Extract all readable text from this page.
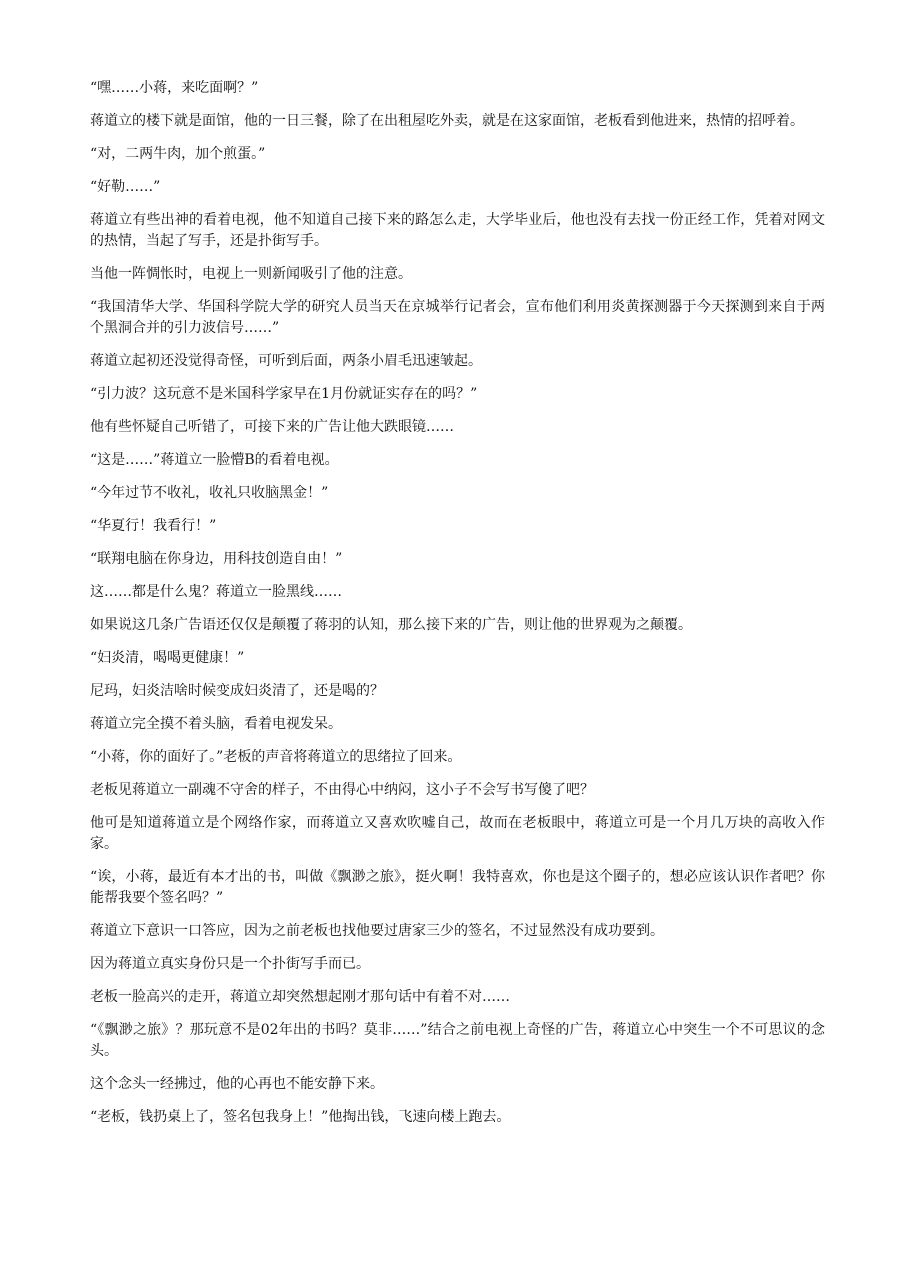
“嘿……小蒋，来吃面啊？”

蒋道立的楼下就是面馆，他的一日三餐，除了在出租屋吃外卖，就是在这家面馆，老板看到他进来，热情的招呼着。

“对，二两牛肉，加个煎蛋。”

“好勒……”

蒋道立有些出神的看着电视，他不知道自己接下来的路怎么走，大学毕业后，他也没有去找一份正经工作，凭着对网文的热情，当起了写手，还是扑街写手。

当他一阵惆怅时，电视上一则新闻吸引了他的注意。

“我国清华大学、华国科学院大学的研究人员当天在京城举行记者会，宣布他们利用炎黄探测器于今天探测到来自于两个黑洞合并的引力波信号……”

蒋道立起初还没觉得奇怪，可听到后面，两条小眉毛迅速皱起。

“引力波？这玩意不是米国科学家早在1月份就证实存在的吗？”

他有些怀疑自己听错了，可接下来的广告让他大跌眼镜……

“这是……”蒋道立一脸懵B的看着电视。

“今年过节不收礼，收礼只收脑黑金！”

“华夏行！我看行！”

“联翔电脑在你身边，用科技创造自由！”

这……都是什么鬼？蒋道立一脸黑线……

如果说这几条广告语还仅仅是颠覆了蒋羽的认知，那么接下来的广告，则让他的世界观为之颠覆。

“妇炎清，喝喝更健康！”

尼玛，妇炎洁啥时候变成妇炎清了，还是喝的？

蒋道立完全摸不着头脑，看着电视发呆。

“小蒋，你的面好了。”老板的声音将蒋道立的思绪拉了回来。

老板见蒋道立一副魂不守舍的样子，不由得心中纳闷，这小子不会写书写傻了吧？

他可是知道蒋道立是个网络作家，而蒋道立又喜欢吹嘘自己，故而在老板眼中，蒋道立可是一个月几万块的高收入作家。

“诶，小蒋，最近有本才出的书，叫做《飘渺之旅》，挺火啊！我特喜欢，你也是这个圈子的，想必应该认识作者吧？你能帮我要个签名吗？”

蒋道立下意识一口答应，因为之前老板也找他要过唐家三少的签名，不过显然没有成功要到。

因为蒋道立真实身份只是一个扑街写手而已。

老板一脸高兴的走开，蒋道立却突然想起刚才那句话中有着不对……

“《飘渺之旅》？那玩意不是02年出的书吗？莫非……”结合之前电视上奇怪的广告，蒋道立心中突生一个不可思议的念头。

这个念头一经拂过，他的心再也不能安静下来。

“老板，钱扔桌上了，签名包我身上！”他掏出钱，飞速向楼上跑去。
